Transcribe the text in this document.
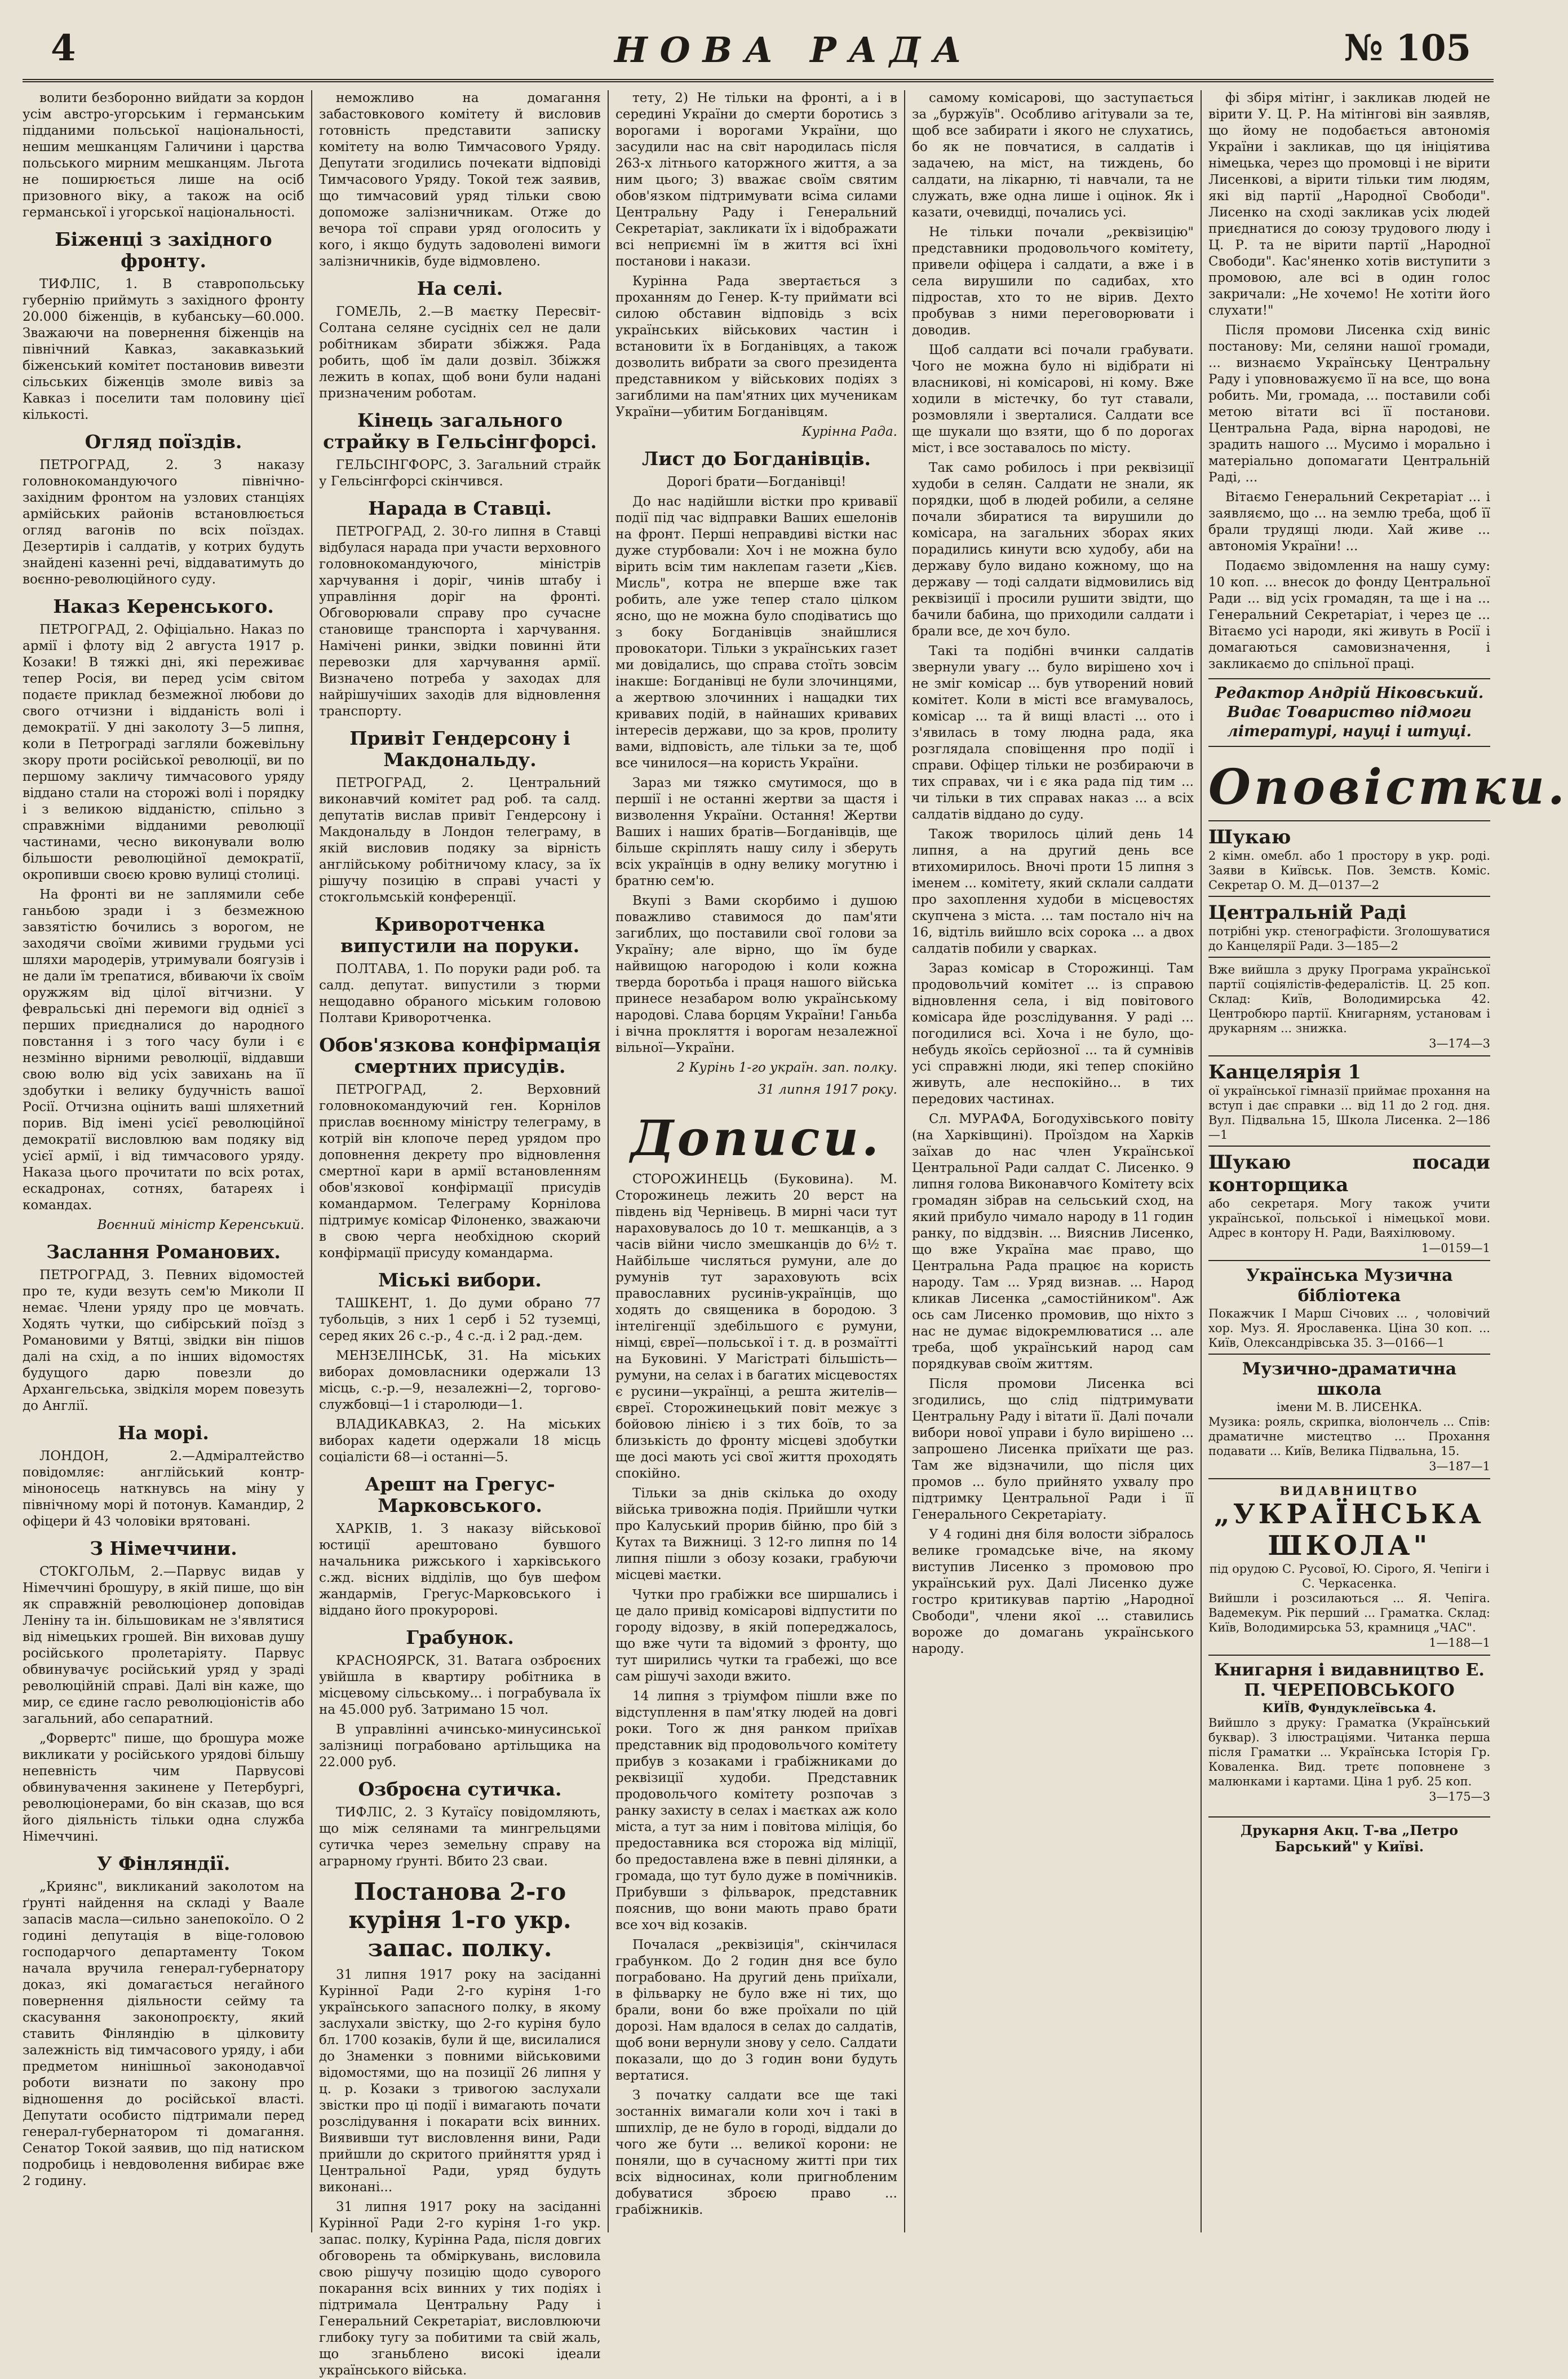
4	НОВА РАДА	№ 105

волити безборонно вийдати за кордон усім австро-угорським і германським підданими польської національності, нешим мешканцям Галичини і царства польського мирним мешканцям. Льгота не поширюється лише на осіб призовного віку, а також на осіб германської і угорської національності.

Біженці з західного фронту.

ТИФЛІС, 1. В ставропольську губернію приймуть з західного фронту 20.000 біженців, в кубанську—60.000. Зважаючи на повернення біженців на північний Кавказ, закавказький біженський комітет постановив вивезти сільських біженців змоле вивіз за Кавказ і поселити там половину цієї кількості.

Огляд поїздів.

ПЕТРОГРАД, 2. З наказу головнокомандуючого північно-західним фронтом на узлових станціях армійських районів встановлюється огляд вагонів по всіх поїздах. Дезертирів і салдатів, у котрих будуть знайдені казенні речі, віддаватимуть до воєнно-революційного суду.

Наказ Керенського.

ПЕТРОГРАД, 2. Офіціально. Наказ по армії і флоту від 2 августа 1917 р. Козаки! В тяжкі дні, які переживає тепер Росія, ви перед усім світом подаєте приклад безмежної любови до свого отчизни і відданість волі і демократії. У дні заколоту 3—5 липня, коли в Петрограді загляли божевільну зкору проти російської революції, ви по першому закличу тимчасового уряду віддано стали на сторожі волі і порядку і з великою відданістю, спільно з справжніми відданими революції частинами, чесно виконували волю більшости революційної демократії, окропивши своєю кровю вулиці столиці.

На фронті ви не заплямили себе ганьбою зради і з безмежною завзятістю бочились з ворогом, не заходячи своїми живими грудьми усі шляхи мародерів, утримували боягузів і не дали їм трепатися, вбиваючи їх своїм оружжям від цілої вітчизни. У февральські дні перемоги від однієї з перших приєдналися до народного повстання і з того часу були і є незмінно вірними революції, віддавши свою волю від усіх завихань на її здобутки і велику будучність вашої Росії. Отчизна оцінить ваші шляхетний порив. Від імені усієї революційної демократії висловлюю вам подяку від усієї армії, і від тимчасового уряду. Наказа цього прочитати по всіх ротах, ескадронах, сотнях, батареях і командах.

Воєнний міністр Керенський.
Заслання Романових.

ПЕТРОГРАД, 3. Певних відомостей про те, куди везуть сем'ю Миколи II немає. Члени уряду про це мовчать. Ходять чутки, що сибірський поїзд з Романовими у Вятці, звідки він пішов далі на схід, а по інших відомостях будущого дарю повезли до Архангельська, звідкіля морем повезуть до Англії.

На морі.

ЛОНДОН, 2.—Адміралтейство повідомляє: англійський контр-міноносець наткнувсь на міну у північному морі й потонув. Камандир, 2 офіцери й 43 чоловіки врятовані.

З Німеччини.

СТОКГОЛЬМ, 2.—Парвус видав у Німеччині брошуру, в якій пише, що він як справжній революціонер доповідав Леніну та ін. більшовикам не з'являтися від німецьких грошей. Він виховав душу російського пролетаріяту. Парвус обвинувачує російський уряд у зраді революційній справі. Далі він каже, що мир, се єдине гасло революціоністів або загальний, або сепаратний.

„Форвертс" пише, що брошура може викликати у російського урядові більшу непевність чим Парвусові обвинувачення закинене у Петербургі, революціонерами, бо він сказав, що вся його діяльність тільки одна служба Німеччині.

У Фінляндії.

„Криянс", викликаний заколотом на ґрунті найдення на складі у Ваале запасів масла—сильно занепокоїло. О 2 годині депутація в віце-головою господарчого департаменту Током начала вручила генерал-губернатору доказ, які домагається негайного повернення діяльности сейму та скасування законопроєкту, який ставить Фінляндію в цілковиту залежність від тимчасового уряду, і аби предметом нинішньої законодавчої роботи визнати по закону про відношення до російської власті. Депутати особисто підтримали перед генерал-губернатором ті домагання. Сенатор Токой заявив, що під натиском подробиць і невдоволення вибирає вже 2 годину.

неможливо на домагання забастовкового комітету й висловив готовність представити записку комітету на волю Тимчасового Уряду. Депутати згодились почекати відповіді Тимчасового Уряду. Токой теж заявив, що тимчасовий уряд тільки свою допоможе залізничникам. Отже до вечора тої справи уряд оголосить у кого, і якщо будуть задоволені вимоги залізничників, буде відмовлено.

На селі.

ГОМЕЛЬ, 2.—В маєтку Пересвіт-Солтана селяне сусідніх сел не дали робітникам збирати збіжжя. Рада робить, щоб їм дали дозвіл. Збіжжя лежить в копах, щоб вони були надані призначеним роботам.

Кінець загального страйку в Гельсінгфорсі.

ГЕЛЬСІНГФОРС, 3. Загальний страйк у Гельсінгфорсі скінчився.

Нарада в Ставці.

ПЕТРОГРАД, 2. 30-го липня в Ставці відбулася нарада при участи верховного головнокомандуючого, міністрів харчування і доріг, чинів штабу і управління доріг на фронті. Обговорювали справу про сучасне становище транспорта і харчування. Намічені ринки, звідки повинні йти перевозки для харчування армії. Визначено потреба у заходах для найрішучіших заходів для відновлення транспорту.

Привіт Гендерсону і Макдональду.

ПЕТРОГРАД, 2. Центральний виконавчий комітет рад роб. та салд. депутатів вислав привіт Гендерсону і Макдональду в Лондон телеграму, в якій висловив подяку за вірність англійському робітничому класу, за їх рішучу позицію в справі участі у стокгольмській конференції.

Криворотченка випустили на поруки.

ПОЛТАВА, 1. По поруки ради роб. та салд. депутат. випустили з тюрми нещодавно обраного міським головою Полтави Криворотченка.

Обов'язкова конфірмація смертних присудів.

ПЕТРОГРАД, 2. Верховний головнокомандуючий ген. Корнілов прислав воєнному міністру телеграму, в котрій він клопоче перед урядом про доповнення декрету про відновлення смертної кари в армії встановленням обов'язкової конфірмації присудів командармом. Телеграму Корнілова підтримує комісар Філоненко, зважаючи в свою черга необхідною скорий конфірмації присуду командарма.

Міські вибори.

ТАШКЕНТ, 1. До думи обрано 77 тубольців, з них 1 серб і 52 туземці, серед яких 26 с.-р., 4 с.-д. і 2 рад.-дем.

МЕНЗЕЛІНСЬК, 31. На міських виборах домовласники одержали 13 місць, с.-р.—9, незалежні—2, торгово-службовці—1 і старолюди—1.

ВЛАДИКАВКАЗ, 2. На міських виборах кадети одержали 18 місць соціалісти 68—і останні—5.

Арешт на Грегус-Марковського.

ХАРКІВ, 1. З наказу військової юстиції арештовано бувшого начальника рижського і харківського с.жд. вісних відділів, що був шефом жандармів, Грегус-Марковського і віддано його прокуророві.

Грабунок.

КРАСНОЯРСК, 31. Ватага озброєних увійшла в квартиру робітника в місцевому сільському... і пограбувала їх на 45.000 руб. Затримано 15 чол.

В управлінні ачинсько-минусинської залізниці пограбовано артільщика на 22.000 руб.

Озброєна сутичка.

ТИФЛІС, 2. З Кутаїсу повідомляють, що між селянами та мингрельцями сутичка через земельну справу на аграрному ґрунті. Вбито 23 сваи.

Постанова 2-го куріня 1-го укр. запас. полку.

31 липня 1917 року на засіданні Курінної Ради 2-го куріня 1-го українського запасного полку, в якому заслухали звістку, що 2-го куріня було бл. 1700 козаків, були й ще, висилалися до Знаменки з повними військовими відомостями, що на позиції 26 липня у ц. р. Козаки з тривогою заслухали звістки про ці події і вимагають почати розслідування і покарати всіх винних. Виявивши тут висловлення вини, Ради прийшли до скритого прийняття уряд і Центральної Ради, уряд будуть виконані...

31 липня 1917 року на засіданні Курінної Ради 2-го куріня 1-го укр. запас. полку, Курінна Рада, після довгих обговорень та обміркувань, висловила свою рішучу позицію щодо суворого покарання всіх винних у тих подіях і підтримала Центральну Раду і Генеральний Секретаріат, висловлюючи глибоку тугу за побитими та свій жаль, що зганьблено високі ідеали українського війська.

тету, 2) Не тільки на фронті, а і в середині України до смерти боротись з ворогами і ворогами України, що засудили нас на світ народилась після 263-х літнього каторжного життя, а за ним цього; 3) вважає своїм святим обов'язком підтримувати всіма силами Центральну Раду і Генеральний Секретаріат, закликати їх і відображати всі неприємні їм в життя всі їхні постанови і накази.

Курінна Рада звертається з проханням до Генер. К-ту приймати всі силою обставин відповідь з всіх українських військових частин і встановити їх в Богданівцях, а також дозволить вибрати за свого президента представником у військових подіях з загиблими на пам'ятних цих мученикам України—убитим Богданівцям.

Курінна Рада.
Лист до Богданівців.

Дорогі брати—Богданівці!

До нас надійшли вістки про кривавії події під час відправки Ваших ешелонів на фронт. Перші неправдиві вістки нас дуже стурбовали: Хоч і не можна було вірить всім тим наклепам газети „Кієв. Мисль", котра не вперше вже так робить, але уже тепер стало цілком ясно, що не можна було сподіватись що з боку Богданівців знайшлися провокатори. Тільки з українських газет ми довідались, що справа стоїть зовсім інакше: Богданівці не були злочинцями, а жертвою злочинних і нащадки тих кривавих подій, в найнаших кривавих інтересів держави, що за кров, пролиту вами, відповість, але тільки за те, щоб все чинилося—на користь України.

Зараз ми тяжко смутимося, що в першії і не останні жертви за щастя і визволення України. Остання! Жертви Ваших і наших братів—Богданівців, ще більше скріплять нашу силу і зберуть всіх українців в одну велику могутню і братню сем'ю.

Вкупі з Вами скорбимо і душою поважливо ставимося до пам'яти загиблих, що поставили свої голови за Україну; але вірно, що їм буде найвищою нагородою і коли кожна тверда боротьба і праця нашого війська принесе незабаром волю українському народові. Слава борцям України! Ганьба і вічна прокляття і ворогам незалежної вільної—України.

2 Курінь 1-го україн. зап. полку.
31 липня 1917 року.
Дописи.

СТОРОЖИНЕЦЬ (Буковина). М. Сторожинець лежить 20 верст на південь від Чернівець. В мирні часи тут нараховувалось до 10 т. мешканців, а з часів війни число змешканців до 6½ т. Найбільше числяться румуни, але до румунів тут зараховують всіх православних русинів-українців, що ходять до священика в бородою. З інтелігенції здебільшого є румуни, німці, євреї—польської і т. д. в розмаїтті на Буковині. У Магістраті більшість—румуни, на селах і в багатих місцевостях є русини—українці, а решта жителів—євреї. Сторожинецький повіт межує з бойовою лінією і з тих боїв, то за близькість до фронту місцеві здобутки ще досі мають усі свої життя проходять спокійно.

Тільки за днів скількa до оходу війська тривожна подія. Прийшли чутки про Калуський прорив бійню, про бій з Кутах та Вижниці. З 12-го липня по 14 липня пішли з обозу козаки, грабуючи місцеві маєтки.

Чутки про грабіжки все ширшались і це дало привід комісарові відпустити по городу відозву, в якій попереджалось, що вже чути та відомий з фронту, що тут ширились чутки та грабежі, що все сам рішучі заходи вжито.

14 липня з тріумфом пішли вже по відступлення в пам'ятку людей на довгі роки. Того ж дня ранком приїхав представник від продовольчого комітету прибув з козаками і грабіжниками до реквізиції худоби. Представник продовольчого комітету розпочав з ранку захисту в селах і маєтках аж коло міста, а тут за ним і повітова міліція, бо предоставника вся сторожа від міліції, бо предоставлена вже в певні ділянки, а громада, що тут було дуже в помічників. Прибувши з фільварок, представник пояснив, що вони мають право брати все хоч від козаків.

Почалася „реквізиція", скінчилася грабунком. До 2 годин дня все було пограбовано. На другий день приїхали, в фільварку не було вже ні тих, що брали, вони бо вже проїхали по цій дорозі. Нам вдалося в селах до салдатів, щоб вони вернули знову у село. Салдати показали, що до 3 годин вони будуть вертатися.

З початку салдати все ще такі зостанніх вимагали коли хоч і такі в шпихлір, де не було в городі, віддали до чого же бути ... великої корони: не поняли, що в сучасному житті при тих всіх відносинах, коли пригнобленим добуватися зброєю право ... грабіжників.

самому комісарові, що заступається за „буржуїв". Особливо агітували за те, щоб все забирати і якого не слухатись, бо як не повчатися, в салдатів і задачею, на міст, на тиждень, бо салдати, на лікарню, ті навчали, та не служать, вже одна лише і оцінок. Як і казати, очевидці, почались усі.

Не тільки почали „реквізицію" представники продовольчого комітету, привели офіцера і салдати, а вже і в села вирушили по садибах, хто підростав, хто то не вірив. Дехто пробував з ними переговорювати і доводив.

Щоб салдати всі почали грабувати. Чого не можна було ні відібрати ні власникові, ні комісарові, ні кому. Вже ходили в містечку, бо тут ставали, розмовляли і зверталися. Салдати все ще шукали що взяти, що б по дорогах міст, і все зоставалось по місту.

Так само робилось і при реквізиції худоби в селян. Салдати не знали, як порядки, щоб в людей робили, а селяне почали збиратися та вирушили до комісара, на загальних зборах яких порадились кинути всю худобу, аби на державу було видано кожному, що на державу — тоді салдати відмовились від реквізиції і просили рушити звідти, що бачили бабина, що приходили салдати і брали все, де хоч було.

Такі та подібні вчинки салдатів звернули увагу ... було вирішено хоч і не зміг комісар ... був утворений новий комітет. Коли в місті все вгамувалось, комісар ... та й вищі власті ... ото і з'явилась в тому людна рада, яка розглядала сповіщення про події і справи. Офіцер тільки не розбираючи в тих справах, чи і є яка рада під тим ... чи тільки в тих справах наказ ... а всіх салдатів віддано до суду.

Також творилось цілий день 14 липня, а на другий день все втихомирилось. Вночі проти 15 липня з іменем ... комітету, який склали салдати про захоплення худоби в місцевостях скупчена з міста. ... там постало ніч на 16, відтіль вийшло всіх сорока ... а двох салдатів побили у сварках.

Зараз комісар в Сторожинці. Там продовольчий комітет ... із справою відновлення села, і від повітового комісара йде розслідування. У раді ... погодилися всі. Хоча і не було, що-небудь якоїсь серйозної ... та й сумнівів усі справжні люди, які тепер спокійно живуть, але неспокійно... в тих передових частинах.

Сл. МУРАФА, Богодухівського повіту (на Харківщині). Проїздом на Харків заїхав до нас член Української Центральної Ради салдат С. Лисенко. 9 липня голова Виконавчого Комітету всіх громадян зібрав на сельський сход, на який прибуло чимало народу в 11 годин ранку, по віддзвін. ... Вияснив Лисенко, що вже Україна має право, що Центральна Рада працює на користь народу. Там ... Уряд визнав. ... Народ кликав Лисенка „самостійником". Аж ось сам Лисенко промовив, що ніхто з нас не думає відокремлюватися ... але треба, щоб український народ сам порядкував своїм життям.

Після промови Лисенка всі згодились, що слід підтримувати Центральну Раду і вітати її. Далі почали вибори нової управи і було вирішено ... запрошено Лисенка приїхати ще раз. Там же відзначили, що після цих промов ... було прийнято ухвалу про підтримку Центральної Ради і її Генерального Секретаріату.

У 4 годині дня біля волости зібралось велике громадське віче, на якому виступив Лисенко з промовою про український рух. Далі Лисенко дуже гостро критикував партію „Народної Свободи", члени якої ... ставились вороже до домагань українського народу.

фі збіря мітінг, і закликав людей не вірити У. Ц. Р. На мітінгові він заявляв, що йому не подобається автономія України і закликав, що ця ініціятива німецька, через що промовці і не вірити Лисенкові, а вірити тільки тим людям, які від партії „Народної Свободи". Лисенко на сході закликав усіх людей приєднатися до союзу трудового люду і Ц. Р. та не вірити партії „Народної Свободи". Кас'яненко хотів виступити з промовою, але всі в один голос закричали: „Не хочемо! Не хотіти його слухати!"

Після промови Лисенка схід виніс постанову: Ми, селяни нашої громади, ... визнаємо Українську Центральну Раду і уповноважуємо її на все, що вона робить. Ми, громада, ... поставили собі метою вітати всі її постанови. Центральна Рада, вірна народові, не зрадить нашого ... Мусимо і морально і матеріально допомагати Центральній Раді, ...

Вітаємо Генеральний Секретаріат ... і заявляємо, що ... на землю треба, щоб її брали трудящі люди. Хай живе ... автономія України! ...

Подаємо звідомлення на нашу суму: 10 коп. ... внесок до фонду Центральної Ради ... від усіх громадян, та ще і на ... Генеральний Секретаріат, і через це ... Вітаємо усі народи, які живуть в Росії і домагаються самовизначення, і закликаємо до спільної праці.

Редактор Андрій Ніковський.
Видає Товариство підмоги літературі, науці і штуці.
Оповістки.
Шукаю
2 кімн. омебл. або 1 простору в укр. роді. Заяви в Київськ. Пов. Земств. Коміс. Секретар О. М. Д—0137—2
Центральній Раді
потрібні укр. стенографісти. Зголошуватися до Канцелярії Ради. 3—185—2
Вже вийшла з друку Програма української партії соціялістів-федералістів. Ц. 25 коп. Склад: Київ, Володимирська 42. Центробюро партії. Книгарням, установам і друкарням ... знижка.
3—174—3
Канцелярія 1
ої української гімназії приймає прохання на вступ і дає справки ... від 11 до 2 год. дня. Вул. Підвальна 15, Школа Лисенка. 2—186—1
Шукаю посади конторщика
або секретаря. Могу також учити української, польської і німецької мови. Адрес в контору Н. Ради, Ваяхілювому.
1—0159—1
Українська Музична бібліотека
Покажчик І Марш Січових ... , чоловічий хор. Муз. Я. Ярославенка. Ціна 30 коп. ... Київ, Олександрівська 35. 3—0166—1
Музично-драматична школа
імени М. В. ЛИСЕНКА.
Музика: рояль, скрипка, віолончель ... Спів: драматичне мистецтво ... Прохання подавати ... Київ, Велика Підвальна, 15.
3—187—1
ВИДАВНИЦТВО
„УКРАЇНСЬКА ШКОЛА"
під орудою С. Русової, Ю. Сірого, Я. Чепіги і С. Черкасенка.
Вийшли і розсилаються ... Я. Чепіга. Вадемекум. Рік перший ... Граматка. Склад: Київ, Володимирська 53, крамниця „ЧАС".
1—188—1
Книгарня і видавництво Е. П. ЧЕРЕПОВСЬКОГО
КИЇВ, Фундуклеївська 4.
Вийшло з друку: Граматка (Український буквар). З ілюстраціями. Читанка перша після Граматки ... Українська Історія Гр. Коваленка. Вид. третє поповнене з малюнками і картами. Ціна 1 руб. 25 коп.
3—175—3
Друкарня Акц. Т-ва „Петро Барський" у Київі.
